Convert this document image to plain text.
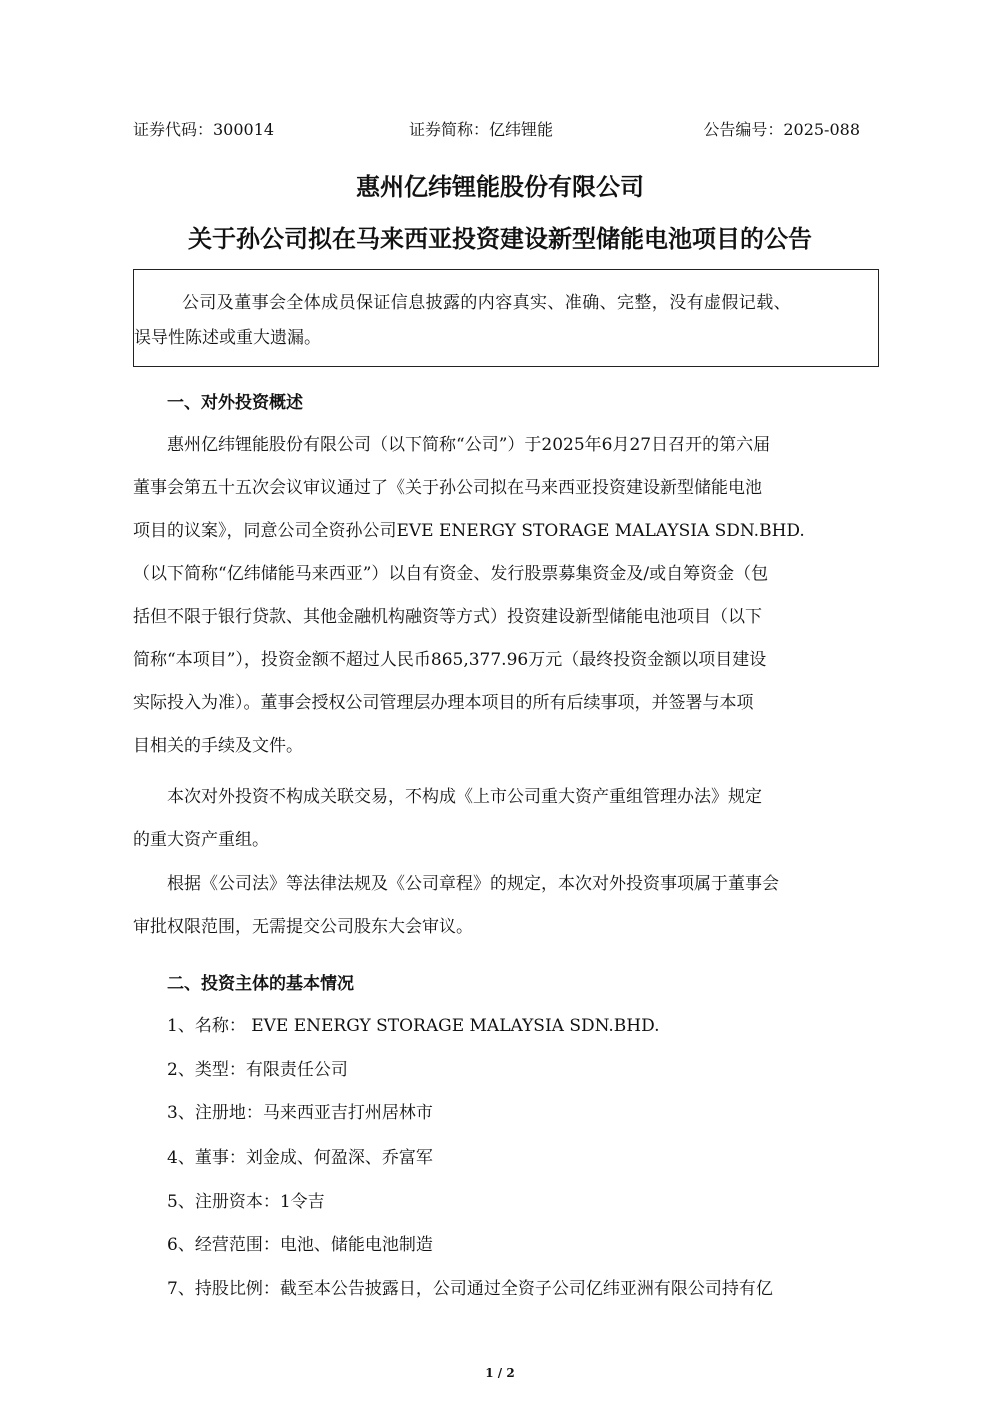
证券代码：300014	证券简称：亿纬锂能	公告编号：2025-088
惠州亿纬锂能股份有限公司
关于孙公司拟在马来西亚投资建设新型储能电池项目的公告
公司及董事会全体成员保证信息披露的内容真实、准确、完整，没有虚假记载、
误导性陈述或重大遗漏。
一、对外投资概述
惠州亿纬锂能股份有限公司（以下简称“公司”）于2025年6月27日召开的第六届
董事会第五十五次会议审议通过了《关于孙公司拟在马来西亚投资建设新型储能电池
项目的议案》，同意公司全资孙公司EVE ENERGY STORAGE MALAYSIA SDN.BHD.
（以下简称“亿纬储能马来西亚”）以自有资金、发行股票募集资金及/或自筹资金（包
括但不限于银行贷款、其他金融机构融资等方式）投资建设新型储能电池项目（以下
简称“本项目”），投资金额不超过人民币865,377.96万元（最终投资金额以项目建设
实际投入为准）。董事会授权公司管理层办理本项目的所有后续事项，并签署与本项
目相关的手续及文件。
本次对外投资不构成关联交易，不构成《上市公司重大资产重组管理办法》规定
的重大资产重组。
根据《公司法》等法律法规及《公司章程》的规定，本次对外投资事项属于董事会
审批权限范围，无需提交公司股东大会审议。
二、投资主体的基本情况
1、名称： EVE ENERGY STORAGE MALAYSIA SDN.BHD.
2、类型：有限责任公司
3、注册地：马来西亚吉打州居林市
4、董事：刘金成、何盈深、乔富军
5、注册资本：1令吉
6、经营范围：电池、储能电池制造
7、持股比例：截至本公告披露日，公司通过全资子公司亿纬亚洲有限公司持有亿
1 / 2
